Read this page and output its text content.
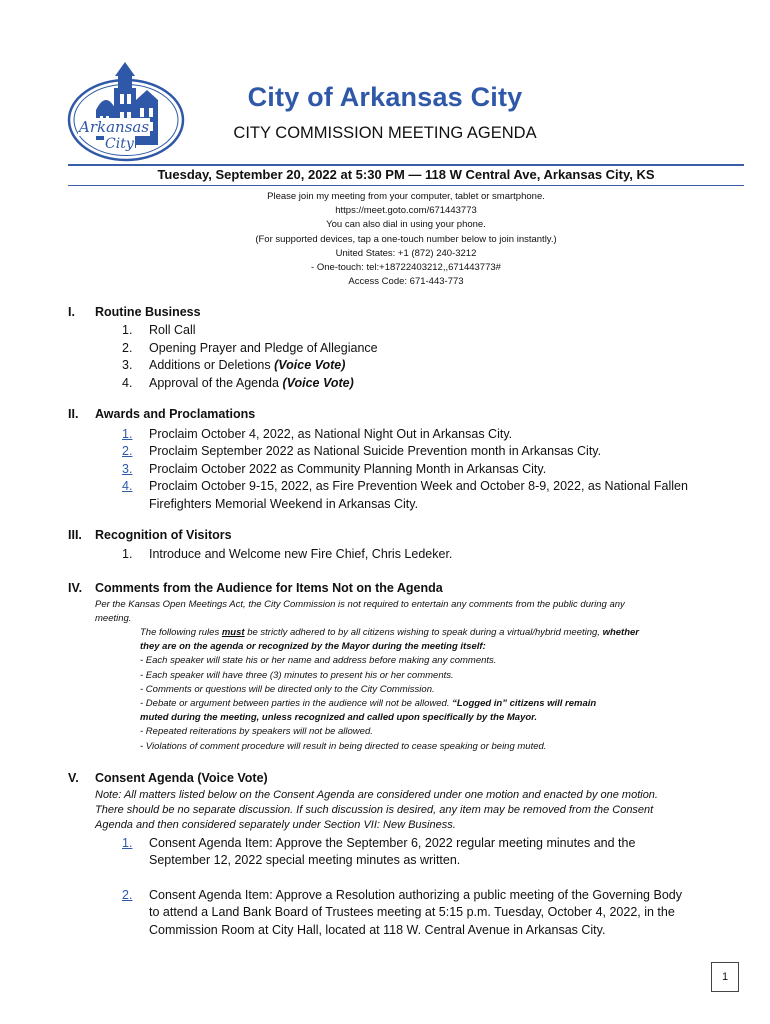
Arkansas
City
City of Arkansas City
CITY COMMISSION MEETING AGENDA
Tuesday, September 20, 2022 at 5:30 PM — 118 W Central Ave, Arkansas City, KS
Please join my meeting from your computer, tablet or smartphone.
https://meet.goto.com/671443773
You can also dial in using your phone.
(For supported devices, tap a one-touch number below to join instantly.)
United States: +1 (872) 240-3212
- One-touch: tel:+18722403212,,671443773#
Access Code: 671-443-773
I. Routine Business
1.	Roll Call
2.	Opening Prayer and Pledge of Allegiance
3.	Additions or Deletions (Voice Vote)
4.	Approval of the Agenda (Voice Vote)
II. Awards and Proclamations
1.	Proclaim October 4, 2022, as National Night Out in Arkansas City.
2.	Proclaim September 2022 as National Suicide Prevention month in Arkansas City.
3.	Proclaim October 2022 as Community Planning Month in Arkansas City.
4.	Proclaim October 9-15, 2022, as Fire Prevention Week and October 8-9, 2022, as National Fallen
Firefighters Memorial Weekend in Arkansas City.
III. Recognition of Visitors
1.	Introduce and Welcome new Fire Chief, Chris Ledeker.
IV. Comments from the Audience for Items Not on the Agenda
Per the Kansas Open Meetings Act, the City Commission is not required to entertain any comments from the public during any
meeting.
The following rules must be strictly adhered to by all citizens wishing to speak during a virtual/hybrid meeting, whether
they are on the agenda or recognized by the Mayor during the meeting itself:
- Each speaker will state his or her name and address before making any comments.
- Each speaker will have three (3) minutes to present his or her comments.
- Comments or questions will be directed only to the City Commission.
- Debate or argument between parties in the audience will not be allowed. “Logged in” citizens will remain
muted during the meeting, unless recognized and called upon specifically by the Mayor.
- Repeated reiterations by speakers will not be allowed.
- Violations of comment procedure will result in being directed to cease speaking or being muted.
V. Consent Agenda (Voice Vote)
Note: All matters listed below on the Consent Agenda are considered under one motion and enacted by one motion.
There should be no separate discussion. If such discussion is desired, any item may be removed from the Consent
Agenda and then considered separately under Section VII: New Business.
1.	Consent Agenda Item: Approve the September 6, 2022 regular meeting minutes and the
September 12, 2022 special meeting minutes as written.
2.	Consent Agenda Item: Approve a Resolution authorizing a public meeting of the Governing Body
to attend a Land Bank Board of Trustees meeting at 5:15 p.m. Tuesday, October 4, 2022, in the
Commission Room at City Hall, located at 118 W. Central Avenue in Arkansas City.
1
